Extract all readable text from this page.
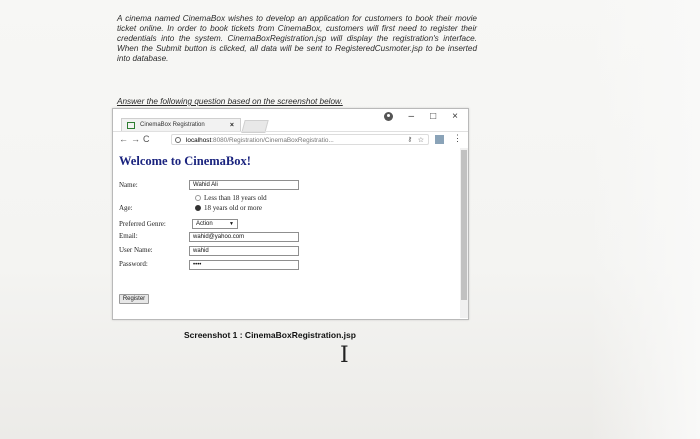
A cinema named CinemaBox wishes to develop an application for customers to book their movie ticket online. In order to book tickets from CinemaBox, customers will first need to register their credentials into the system. CinemaBoxRegistration.jsp will display the registration's interface. When the Submit button is clicked, all data will be sent to RegisteredCusmoter.jsp to be inserted into database.
Answer the following question based on the screenshot below.
CinemaBox Registration	×
– □ ×
←→C	localhost:8080/Registration/CinemaBoxRegistratio...	⚷ ☆	⋮
Welcome to CinemaBox!
Name:	Wahid Ali
Age:
Less than 18 years old
18 years old or more
Preferred Genre:	Action	▼
Email:	wahid@yahoo.com
User Name:	wahid
Password:	••••
Register
Screenshot 1 : CinemaBoxRegistration.jsp
I
